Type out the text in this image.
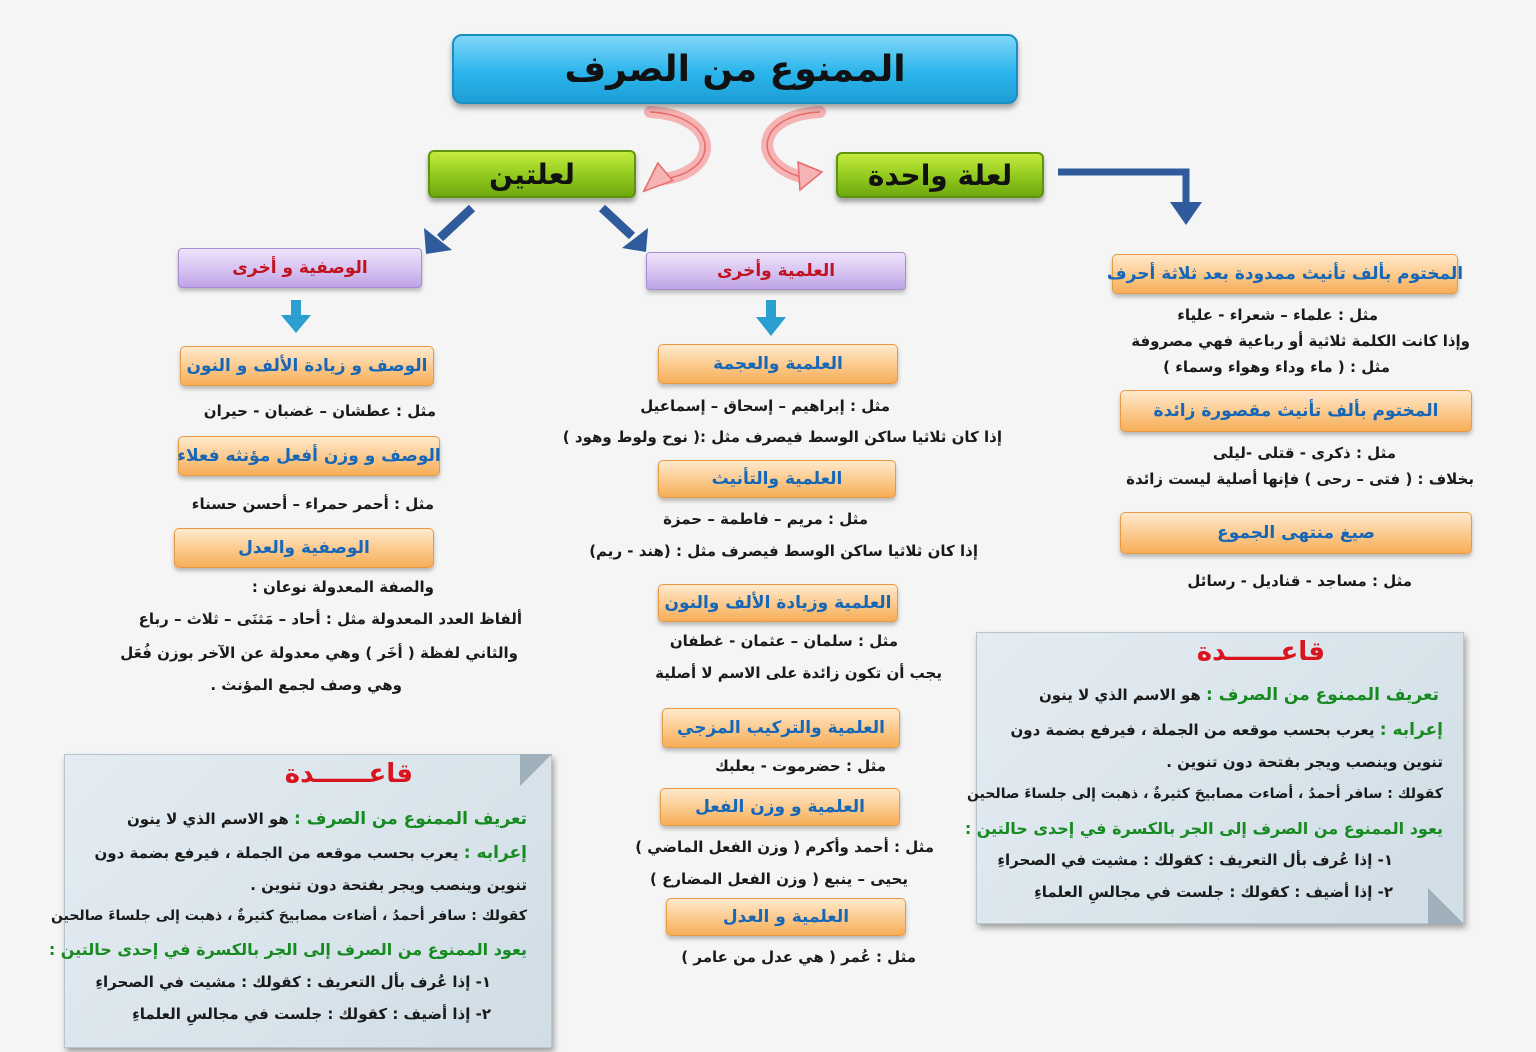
الممنوع من الصرف
لعلتين	لعلة واحدة
المختوم بألف تأنيث ممدودة بعد ثلاثة أحرف
مثل : علماء – شعراء - علياء
وإذا كانت الكلمة ثلاثية أو رباعية فهي مصروفة
مثل : ( ماء وداء وهواء وسماء )
المختوم بألف تأنيث مقصورة زائدة
مثل : ذكرى - قتلى -ليلى
بخلاف : ( فتى – رحى ) فإنها أصلية ليست زائدة
صيغ منتهى الجموع
مثل : مساجد - قناديل - رسائل
العلمية وأخرى
العلمية والعجمة
مثل : إبراهيم – إسحاق – إسماعيل
إذا كان ثلاثيا ساكن الوسط فيصرف مثل :( نوح ولوط وهود )
العلمية والتأنيث
مثل : مريم – فاطمة – حمزة
إذا كان ثلاثيا ساكن الوسط فيصرف مثل : (هند - ريم)
العلمية وزيادة الألف والنون
مثل : سلمان – عثمان - غطفان
يجب أن تكون زائدة على الاسم لا أصلية
العلمية والتركيب المزجي
مثل : حضرموت - بعلبك
العلمية و وزن الفعل
مثل : أحمد وأكرم ( وزن الفعل الماضي )
يحيى – ينبع ( وزن الفعل المضارع )
العلمية و العدل
مثل : عُمر ( هي عدل من عامر )
الوصفية و أخرى
الوصف و زيادة الألف و النون
مثل : عطشان – غضبان - حيران
الوصف و وزن أفعل مؤنثه فعلاء
مثل : أحمر حمراء – أحسن حسناء
الوصفية والعدل
والصفة المعدولة نوعان :
ألفاظ العدد المعدولة مثل : أحاد – مَثنَى – ثلاث – رباع
والثاني لفظة ( أخَر ) وهي معدولة عن الآخر بوزن فُعَل
وهي وصف لجمع المؤنث .
قاعــــــدة
تعريف الممنوع من الصرف : هو الاسم الذي لا ينون
إعرابه : يعرب بحسب موقعه من الجملة ، فيرفع بضمة دون
تنوين وينصب ويجر بفتحة دون تنوين .
كقولك : سافر أحمدُ ، أضاءت مصابيحَ كثيرةٌ ، ذهبت إلى جلساءَ صالحين
يعود الممنوع من الصرف إلى الجر بالكسرة في إحدى حالتين :
١- إذا عُرف بأل التعريف : كقولك : مشيت في الصحراءِ
٢- إذا أضيف : كقولك : جلست في مجالسِ العلماءِ
قاعــــــدة
تعريف الممنوع من الصرف : هو الاسم الذي لا ينون
إعرابه : يعرب بحسب موقعه من الجملة ، فيرفع بضمة دون
تنوين وينصب ويجر بفتحة دون تنوين .
كقولك : سافر أحمدُ ، أضاءت مصابيحَ كثيرةٌ ، ذهبت إلى جلساءَ صالحين
يعود الممنوع من الصرف إلى الجر بالكسرة في إحدى حالتين :
١- إذا عُرف بأل التعريف : كقولك : مشيت في الصحراءِ
٢- إذا أضيف : كقولك : جلست في مجالسِ العلماءِ
